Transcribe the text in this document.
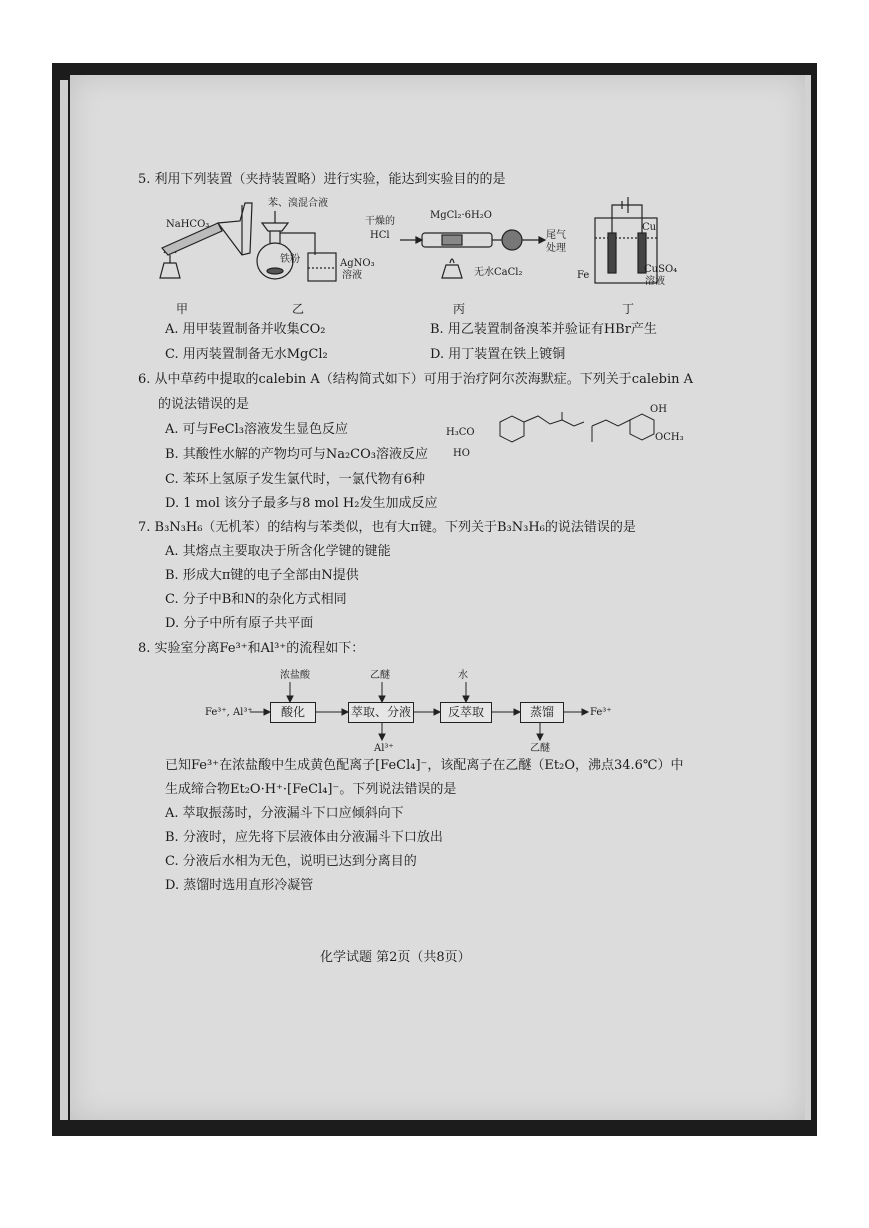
5. 利用下列装置（夹持装置略）进行实验，能达到实验目的的是
NaHCO₃
苯、溴混合液
铁粉	AgNO₃
溶液
干燥的
HCl
MgCl₂·6H₂O
尾气
处理
无水CaCl₂
Cu
Fe
CuSO₄
溶液
甲	乙	丙	丁
A. 用甲装置制备并收集CO₂	B. 用乙装置制备溴苯并验证有HBr产生
C. 用丙装置制备无水MgCl₂	D. 用丁装置在铁上镀铜
6. 从中草药中提取的calebin A（结构简式如下）可用于治疗阿尔茨海默症。下列关于calebin A
的说法错误的是	OH
H₃CO
HO
OCH₃
A. 可与FeCl₃溶液发生显色反应
B. 其酸性水解的产物均可与Na₂CO₃溶液反应
C. 苯环上氢原子发生氯代时，一氯代物有6种
D. 1 mol 该分子最多与8 mol H₂发生加成反应
7. B₃N₃H₆（无机苯）的结构与苯类似，也有大π键。下列关于B₃N₃H₆的说法错误的是
A. 其熔点主要取决于所含化学键的键能
B. 形成大π键的电子全部由N提供
C. 分子中B和N的杂化方式相同
D. 分子中所有原子共平面
8. 实验室分离Fe³⁺和Al³⁺的流程如下：
浓盐酸	乙醚	水
Fe³⁺, Al³⁺	酸化	萃取、分液	反萃取	蒸馏	Fe³⁺
Al³⁺	乙醚
已知Fe³⁺在浓盐酸中生成黄色配离子[FeCl₄]⁻，该配离子在乙醚（Et₂O，沸点34.6℃）中
生成缔合物Et₂O·H⁺·[FeCl₄]⁻。下列说法错误的是
A. 萃取振荡时，分液漏斗下口应倾斜向下
B. 分液时，应先将下层液体由分液漏斗下口放出
C. 分液后水相为无色，说明已达到分离目的
D. 蒸馏时选用直形冷凝管
化学试题 第2页（共8页）
